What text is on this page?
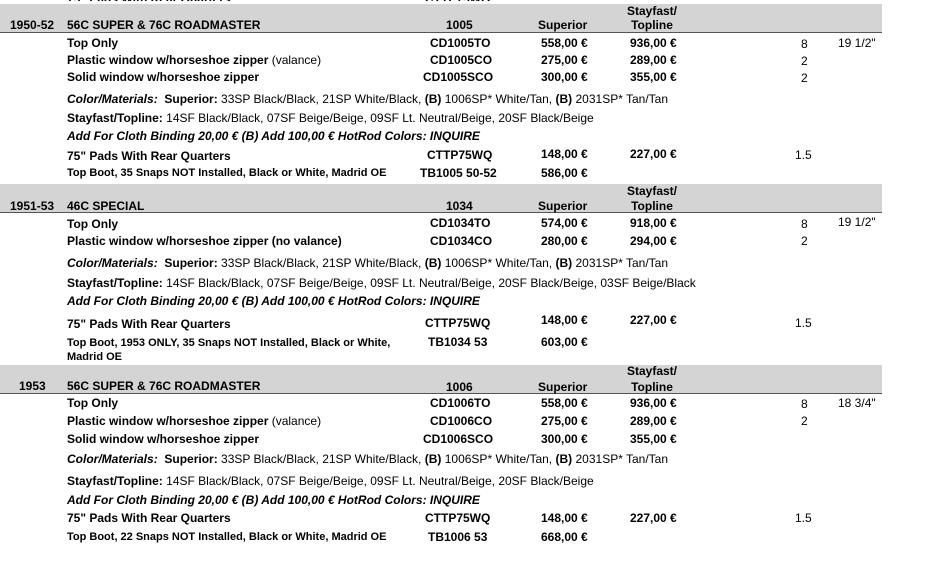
1950-52 56C SUPER & 76C ROADMASTER	1005	Superior
Stayfast/
Topline
Top Only	CD1005TO	558,00 €	936,00 €	8	19 1/2"
Plastic window w/horseshoe zipper (valance)	CD1005CO	275,00 €	289,00 €	2
Solid window w/horseshoe zipper	CD1005SCO	300,00 €	355,00 €	2
Color/Materials: Superior: 33SP Black/Black, 21SP White/Black, (B) 1006SP* White/Tan, (B) 2031SP* Tan/Tan
Stayfast/Topline: 14SF Black/Black, 07SF Beige/Beige, 09SF Lt. Neutral/Beige, 20SF Black/Beige
Add For Cloth Binding 20,00 € (B) Add 100,00 € HotRod Colors: INQUIRE
75" Pads With Rear Quarters	CTTP75WQ	148,00 €	227,00 €	1.5
Top Boot, 35 Snaps NOT Installed, Black or White, Madrid OE	TB1005 50-52	586,00 €
1951-53 46C SPECIAL	1034	Superior
Stayfast/
Topline
Top Only	CD1034TO	574,00 €	918,00 €	8	19 1/2"
Plastic window w/horseshoe zipper (no valance)	CD1034CO	280,00 €	294,00 €	2
Color/Materials: Superior: 33SP Black/Black, 21SP White/Black, (B) 1006SP* White/Tan, (B) 2031SP* Tan/Tan
Stayfast/Topline: 14SF Black/Black, 07SF Beige/Beige, 09SF Lt. Neutral/Beige, 20SF Black/Beige, 03SF Beige/Black
Add For Cloth Binding 20,00 € (B) Add 100,00 € HotRod Colors: INQUIRE
75" Pads With Rear Quarters	CTTP75WQ	148,00 €	227,00 €	1.5
Top Boot, 1953 ONLY, 35 Snaps NOT Installed, Black or White,
Madrid OE
TB1034 53	603,00 €
1953 56C SUPER & 76C ROADMASTER	1006	Superior
Stayfast/
Topline
Top Only	CD1006TO	558,00 €	936,00 €	8	18 3/4"
Plastic window w/horseshoe zipper (valance)	CD1006CO	275,00 €	289,00 €	2
Solid window w/horseshoe zipper	CD1006SCO	300,00 €	355,00 €
Color/Materials: Superior: 33SP Black/Black, 21SP White/Black, (B) 1006SP* White/Tan, (B) 2031SP* Tan/Tan
Stayfast/Topline: 14SF Black/Black, 07SF Beige/Beige, 09SF Lt. Neutral/Beige, 20SF Black/Beige
Add For Cloth Binding 20,00 € (B) Add 100,00 € HotRod Colors: INQUIRE
75" Pads With Rear Quarters	CTTP75WQ	148,00 €	227,00 €	1.5
Top Boot, 22 Snaps NOT Installed, Black or White, Madrid OE	TB1006 53	668,00 €
